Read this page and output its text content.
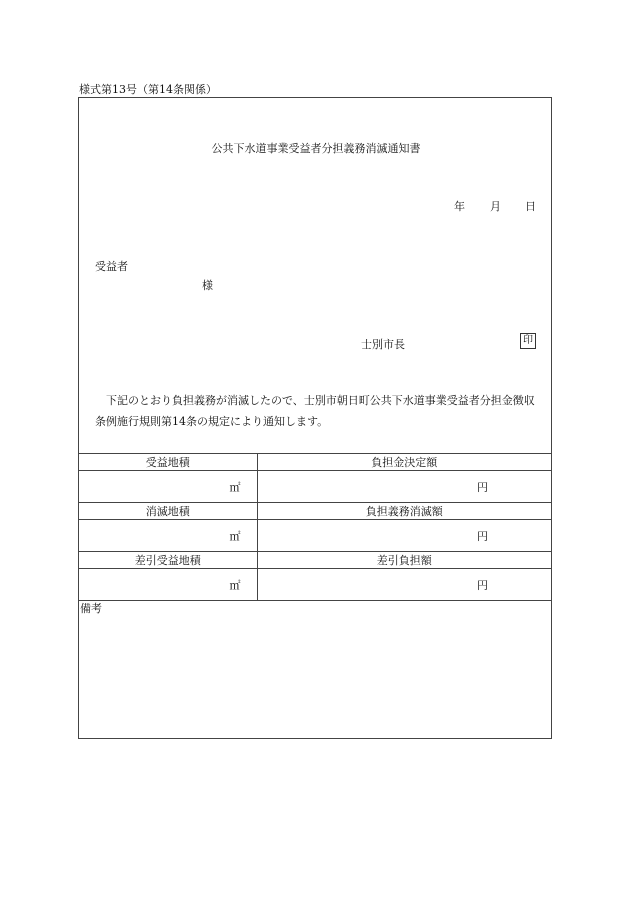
様式第13号（第14条関係）
公共下水道事業受益者分担義務消滅通知書
年 月 日
受益者
様
士別市長	印
下記のとおり負担義務が消滅したので、士別市朝日町公共下水道事業受益者分担金徴収条例施行規則第14条の規定により通知します。
受益地積	負担金決定額
㎡	円
消滅地積	負担義務消滅額
㎡	円
差引受益地積	差引負担額
㎡	円
備考
